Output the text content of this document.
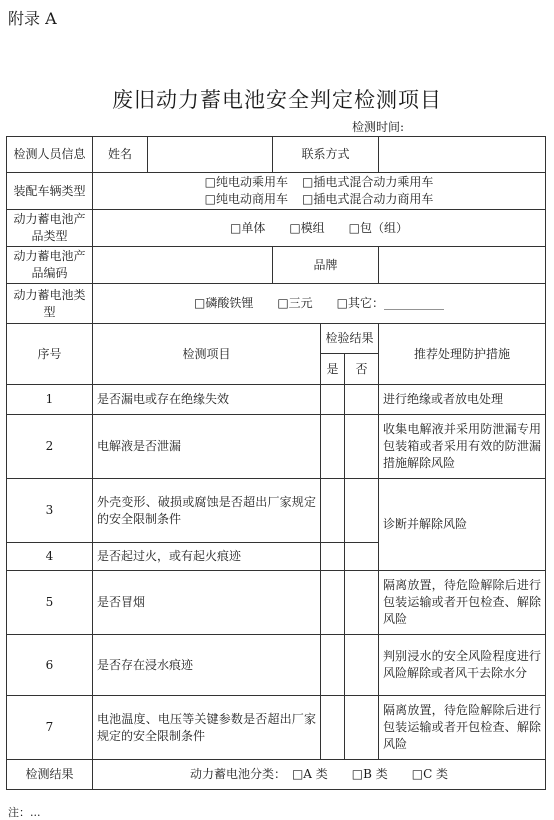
附录 A
废旧动力蓄电池安全判定检测项目
检测时间:
检测人员信息	姓名		联系方式			
装配车辆类型	□纯电动乘用车
□纯电动商用车
□插电式混合动力乘用车
□插电式混合动力商用车					

动力蓄电池产品类型	□单体　　□模组　　□包（组）					
动力蓄电池产品编码			品牌			
动力蓄电池类型	□磷酸铁锂　　□三元　　□其它：__________					
序号	检测项目			检验结果		推荐处理防护措施
				是	否	
1	是否漏电或存在绝缘失效					进行绝缘或者放电处理
2	电解液是否泄漏					收集电解液并采用防泄漏专用包装箱或者采用有效的防泄漏措施解除风险
3	外壳变形、破损或腐蚀是否超出厂家规定的安全限制条件					诊断并解除风险
4	是否起过火，或有起火痕迹					
5	是否冒烟					隔离放置，待危险解除后进行包装运输或者开包检查、解除风险
6	是否存在浸水痕迹					判别浸水的安全风险程度进行风险解除或者风干去除水分
7	电池温度、电压等关键参数是否超出厂家规定的安全限制条件					隔离放置，待危险解除后进行包装运输或者开包检查、解除风险
检测结果	动力蓄电池分类：　□A 类　　□B 类　　□C 类					
注：...
